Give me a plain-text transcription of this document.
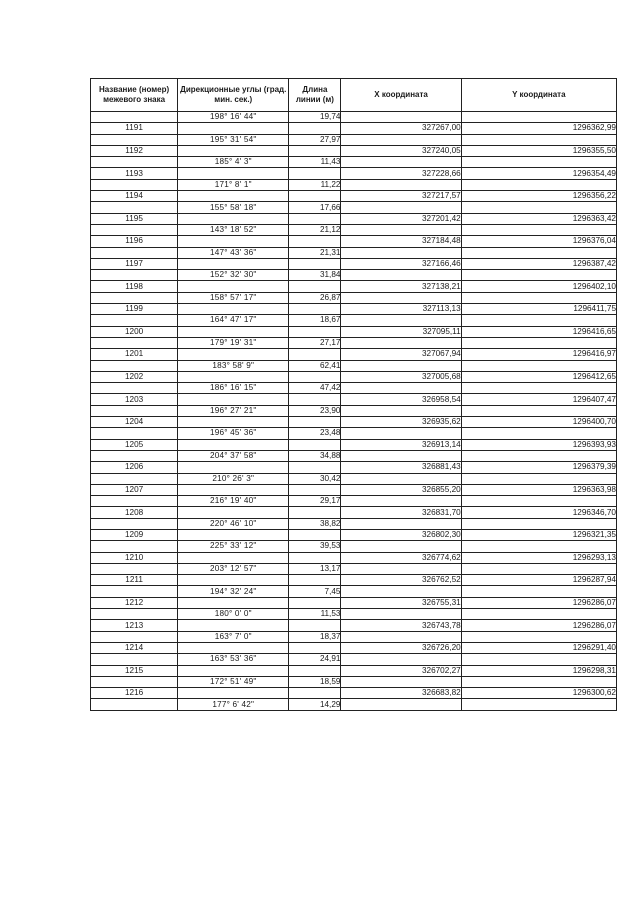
Название (номер) межевого знака	Дирекционные углы (град. мин. сек.)	Длина линии (м)	X координата	Y координата
	198° 16' 44"	19,74		
1191			327267,00	1296362,99
	195° 31' 54"	27,97		
1192			327240,05	1296355,50
	185° 4' 3"	11,43		
1193			327228,66	1296354,49
	171° 8' 1"	11,22		
1194			327217,57	1296356,22
	155° 58' 18"	17,66		
1195			327201,42	1296363,42
	143° 18' 52"	21,12		
1196			327184,48	1296376,04
	147° 43' 36"	21,31		
1197			327166,46	1296387,42
	152° 32' 30"	31,84		
1198			327138,21	1296402,10
	158° 57' 17"	26,87		
1199			327113,13	1296411,75
	164° 47' 17"	18,67		
1200			327095,11	1296416,65
	179° 19' 31"	27,17		
1201			327067,94	1296416,97
	183° 58' 9"	62,41		
1202			327005,68	1296412,65
	186° 16' 15"	47,42		
1203			326958,54	1296407,47
	196° 27' 21"	23,90		
1204			326935,62	1296400,70
	196° 45' 36"	23,48		
1205			326913,14	1296393,93
	204° 37' 58"	34,88		
1206			326881,43	1296379,39
	210° 26' 3"	30,42		
1207			326855,20	1296363,98
	216° 19' 40"	29,17		
1208			326831,70	1296346,70
	220° 46' 10"	38,82		
1209			326802,30	1296321,35
	225° 33' 12"	39,53		
1210			326774,62	1296293,13
	203° 12' 57"	13,17		
1211			326762,52	1296287,94
	194° 32' 24"	7,45		
1212			326755,31	1296286,07
	180° 0' 0"	11,53		
1213			326743,78	1296286,07
	163° 7' 0"	18,37		
1214			326726,20	1296291,40
	163° 53' 36"	24,91		
1215			326702,27	1296298,31
	172° 51' 49"	18,59		
1216			326683,82	1296300,62
	177° 6' 42"	14,29		
